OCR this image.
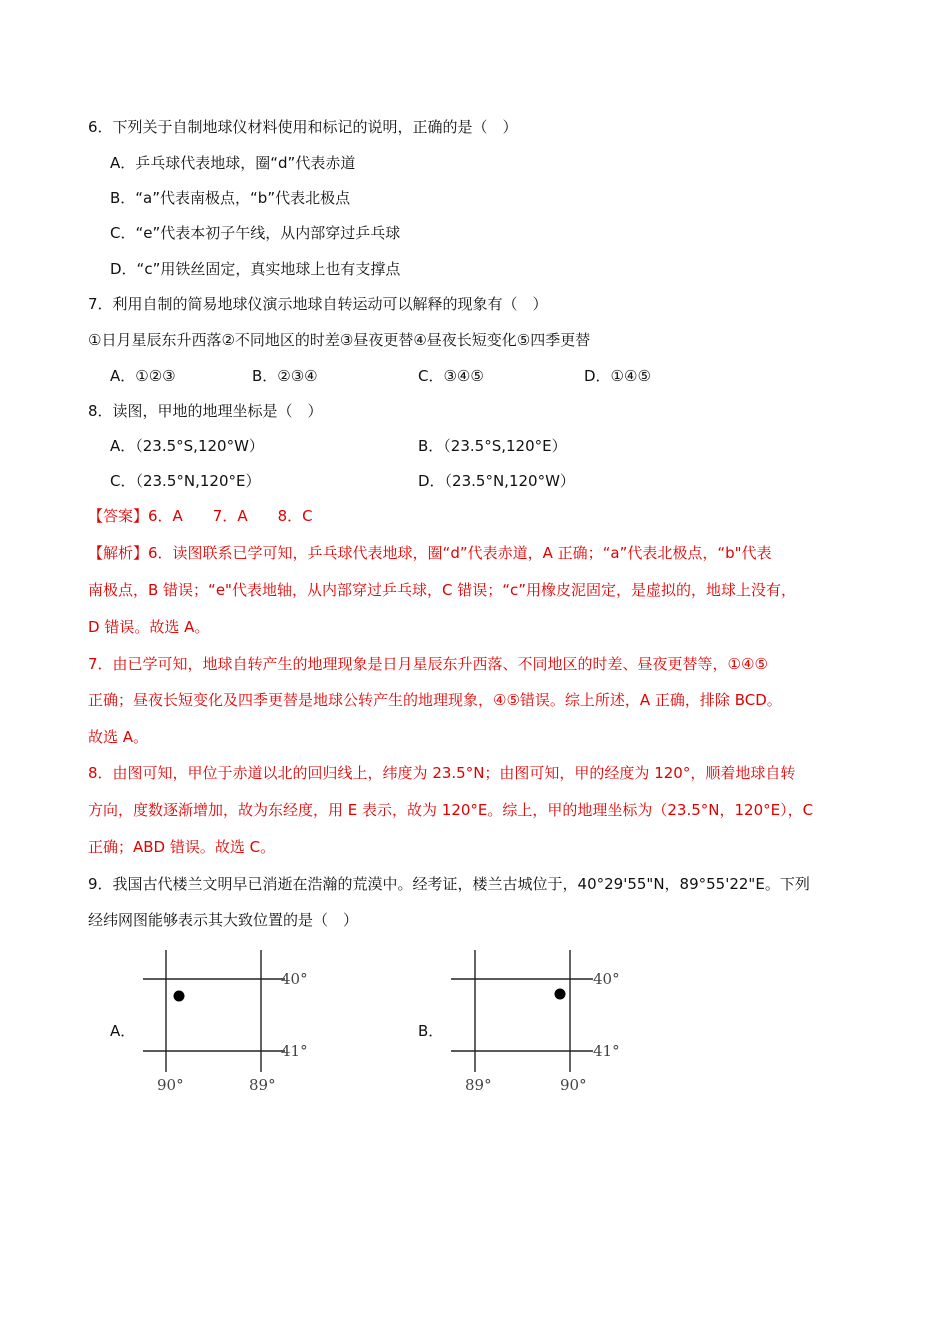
6．下列关于自制地球仪材料使用和标记的说明，正确的是（　）
A．乒乓球代表地球，圈“d”代表赤道
B．“a”代表南极点，“b”代表北极点
C．“e”代表本初子午线，从内部穿过乒乓球
D．“c”用铁丝固定，真实地球上也有支撑点
7．利用自制的简易地球仪演示地球自转运动可以解释的现象有（　）
①日月星辰东升西落②不同地区的时差③昼夜更替④昼夜长短变化⑤四季更替
A．①②③	B．②③④	C．③④⑤	D．①④⑤
8．读图，甲地的地理坐标是（　）
A．（23.5°S,120°W）	B．（23.5°S,120°E）
C．（23.5°N,120°E）	D．（23.5°N,120°W）
【答案】6．A　　7．A　　8．C
【解析】6．读图联系已学可知，乒乓球代表地球，圈“d”代表赤道，A 正确；“a”代表北极点，“b"代表
南极点，B 错误；“e"代表地轴，从内部穿过乒乓球，C 错误；“c”用橡皮泥固定，是虚拟的，地球上没有，
D 错误。故选 A。
7．由已学可知，地球自转产生的地理现象是日月星辰东升西落、不同地区的时差、昼夜更替等，①④⑤
正确；昼夜长短变化及四季更替是地球公转产生的地理现象，④⑤错误。综上所述，A 正确，排除 BCD。
故选 A。
8．由图可知，甲位于赤道以北的回归线上，纬度为 23.5°N；由图可知，甲的经度为 120°，顺着地球自转
方向，度数逐渐增加，故为东经度，用 E 表示，故为 120°E。综上，甲的地理坐标为（23.5°N，120°E），C
正确；ABD 错误。故选 C。
9．我国古代楼兰文明早已消逝在浩瀚的荒漠中。经考证，楼兰古城位于，40°29'55"N，89°55'22"E。下列
经纬网图能够表示其大致位置的是（　）
A．
40°
41°
90°	89°
B．
40°
41°
89°	90°
